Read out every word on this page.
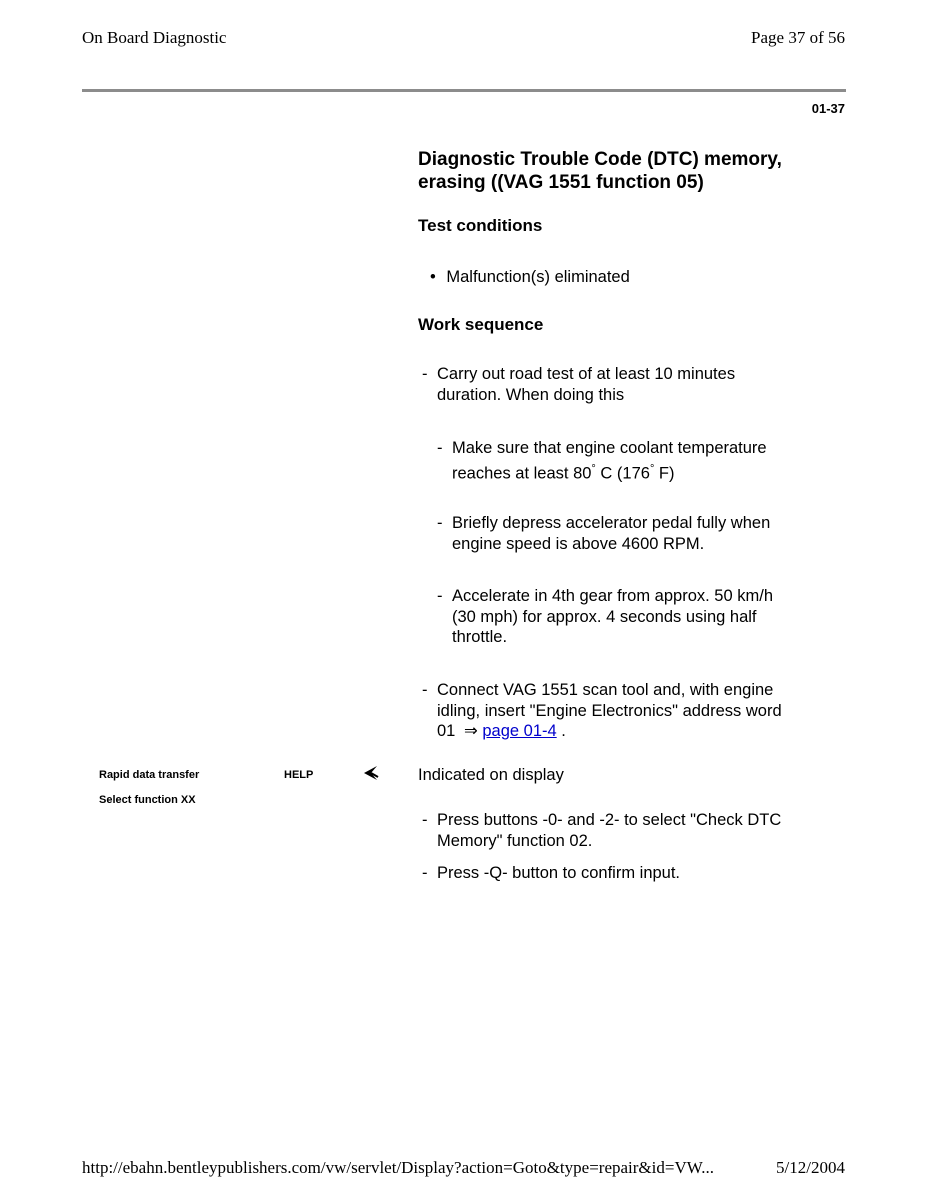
On Board Diagnostic	Page 37 of 56
01-37
Diagnostic Trouble Code (DTC) memory,
erasing ((VAG 1551 function 05)
Test conditions
• Malfunction(s) eliminated
Work sequence
- Carry out road test of at least 10 minutes
duration. When doing this
- Make sure that engine coolant temperature
reaches at least 80° C (176° F)
- Briefly depress accelerator pedal fully when
engine speed is above 4600 RPM.
- Accelerate in 4th gear from approx. 50 km/h
(30 mph) for approx. 4 seconds using half
throttle.
- Connect VAG 1551 scan tool and, with engine
idling, insert "Engine Electronics" address word
01 ⇒ page 01-4 .
Rapid data transfer	HELP
Select function XX
Indicated on display
- Press buttons -0- and -2- to select "Check DTC
Memory" function 02.
- Press -Q- button to confirm input.
http://ebahn.bentleypublishers.com/vw/servlet/Display?action=Goto&type=repair&id=VW...	5/12/2004
